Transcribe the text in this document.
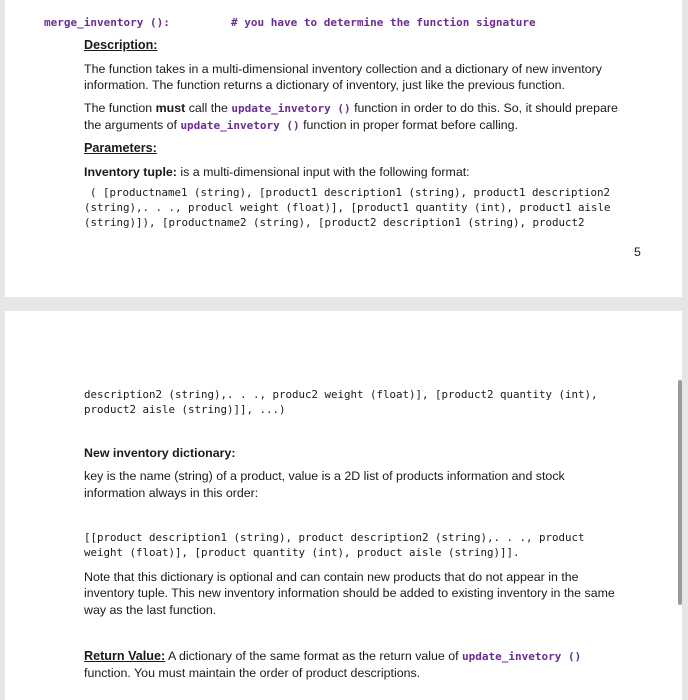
merge_inventory ():	# you have to determine the function signature
Description:
The function takes in a multi-dimensional inventory collection and a dictionary of new inventory
information. The function returns a dictionary of inventory, just like the previous function.
The function must call the update_invetory () function in order to do this. So, it should prepare
the arguments of update_invetory () function in proper format before calling.
Parameters:
Inventory tuple: is a multi-dimensional input with the following format:
( [productname1 (string), [product1 description1 (string), product1 description2
(string),. . ., producl weight (float)], [product1 quantity (int), product1 aisle
(string)]), [productname2 (string), [product2 description1 (string), product2
5
description2 (string),. . ., produc2 weight (float)], [product2 quantity (int),
product2 aisle (string)]], ...)
New inventory dictionary:
key is the name (string) of a product, value is a 2D list of products information and stock
information always in this order:
[[product description1 (string), product description2 (string),. . ., product
weight (float)], [product quantity (int), product aisle (string)]].
Note that this dictionary is optional and can contain new products that do not appear in the
inventory tuple. This new inventory information should be added to existing inventory in the same
way as the last function.
Return Value: A dictionary of the same format as the return value of update_invetory ()
function. You must maintain the order of product descriptions.
